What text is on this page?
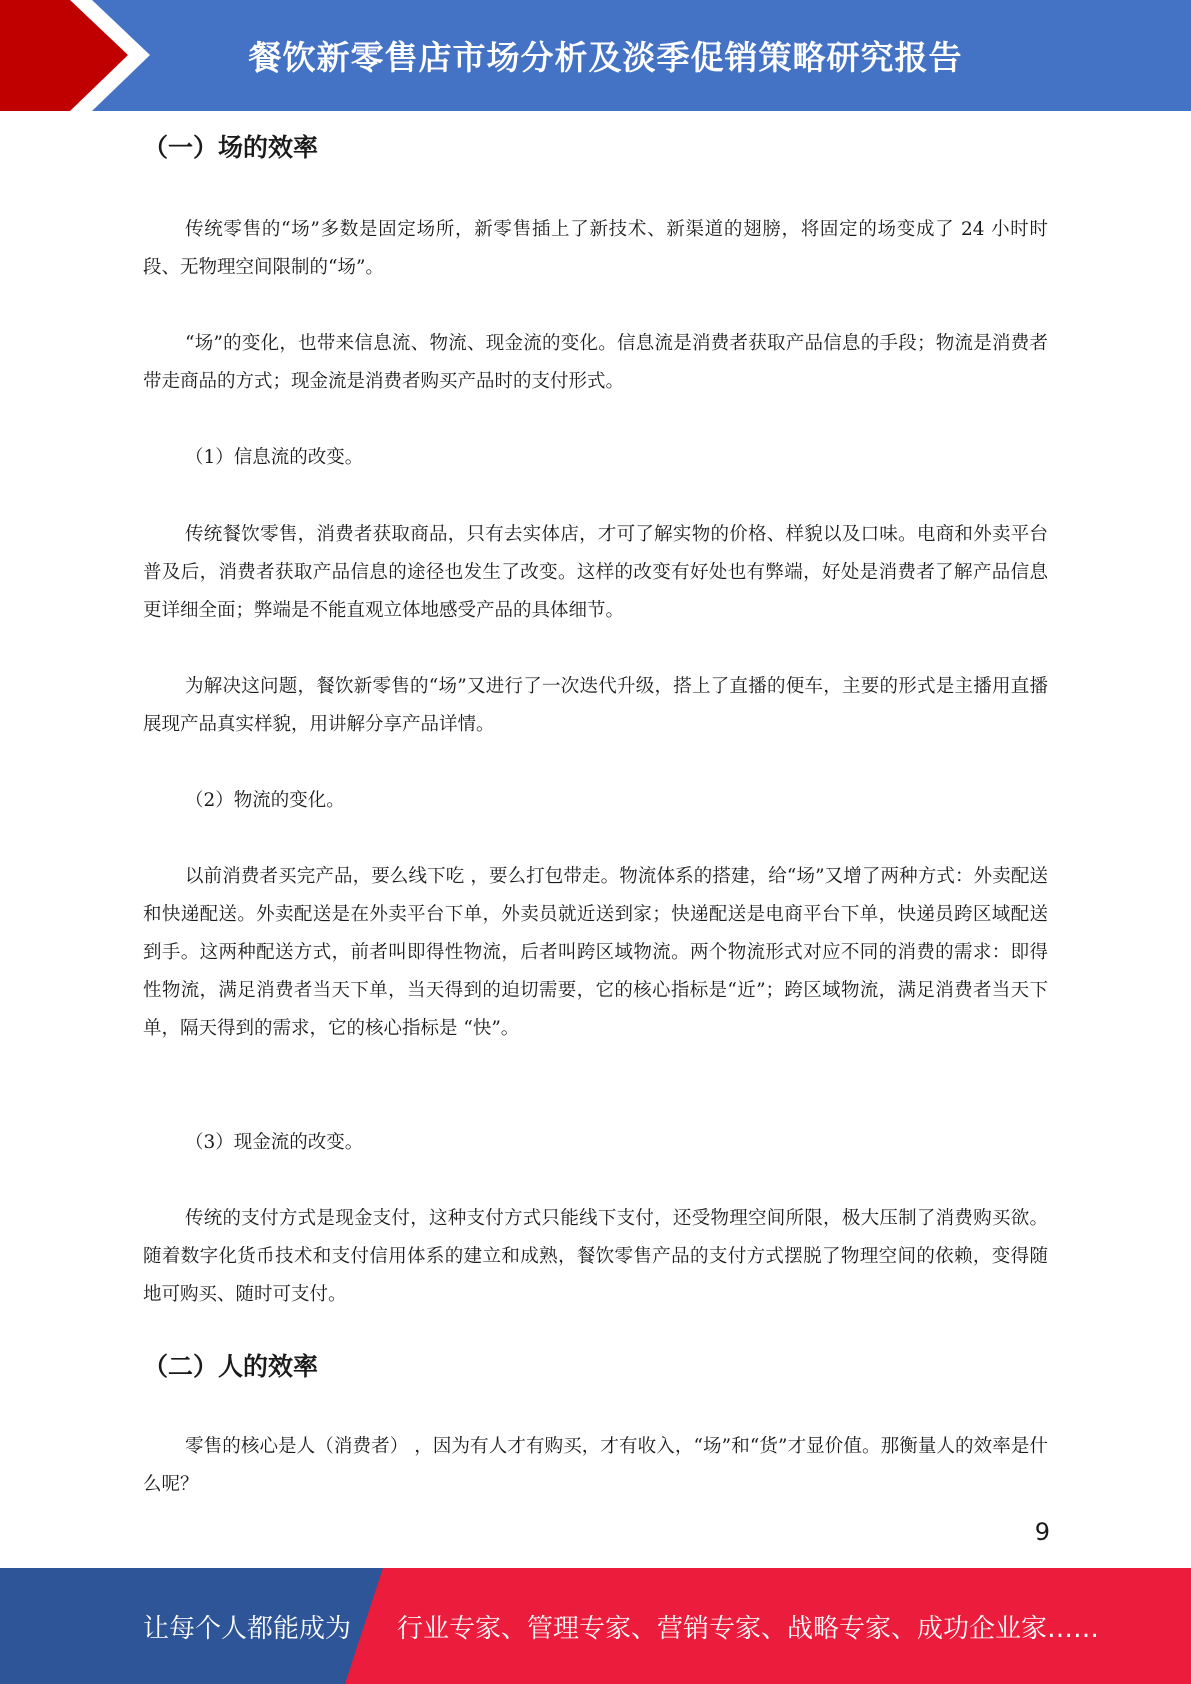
餐饮新零售店市场分析及淡季促销策略研究报告
（一）场的效率

传统零售的“场”多数是固定场所，新零售插上了新技术、新渠道的翅膀，将固定的场变成了 24 小时时段、无物理空间限制的“场”。

“场”的变化，也带来信息流、物流、现金流的变化。信息流是消费者获取产品信息的手段；物流是消费者带走商品的方式；现金流是消费者购买产品时的支付形式。

（1）信息流的改变。

传统餐饮零售，消费者获取商品，只有去实体店，才可了解实物的价格、样貌以及口味。电商和外卖平台普及后，消费者获取产品信息的途径也发生了改变。这样的改变有好处也有弊端，好处是消费者了解产品信息更详细全面；弊端是不能直观立体地感受产品的具体细节。

为解决这问题，餐饮新零售的“场”又进行了一次迭代升级，搭上了直播的便车，主要的形式是主播用直播展现产品真实样貌，用讲解分享产品详情。

（2）物流的变化。

以前消费者买完产品，要么线下吃 ，要么打包带走。物流体系的搭建，给“场”又增了两种方式：外卖配送和快递配送。外卖配送是在外卖平台下单，外卖员就近送到家；快递配送是电商平台下单，快递员跨区域配送到手。这两种配送方式，前者叫即得性物流，后者叫跨区域物流。两个物流形式对应不同的消费的需求：即得性物流，满足消费者当天下单，当天得到的迫切需要，它的核心指标是“近”；跨区域物流，满足消费者当天下单，隔天得到的需求，它的核心指标是 “快”。

（3）现金流的改变。

传统的支付方式是现金支付，这种支付方式只能线下支付，还受物理空间所限，极大压制了消费购买欲。随着数字化货币技术和支付信用体系的建立和成熟，餐饮零售产品的支付方式摆脱了物理空间的依赖，变得随地可购买、随时可支付。

（二）人的效率

零售的核心是人（消费者） ，因为有人才有购买，才有收入，“场”和“货”才显价值。那衡量人的效率是什么呢？

9
让每个人都能成为 行业专家、管理专家、营销专家、战略专家、成功企业家……
